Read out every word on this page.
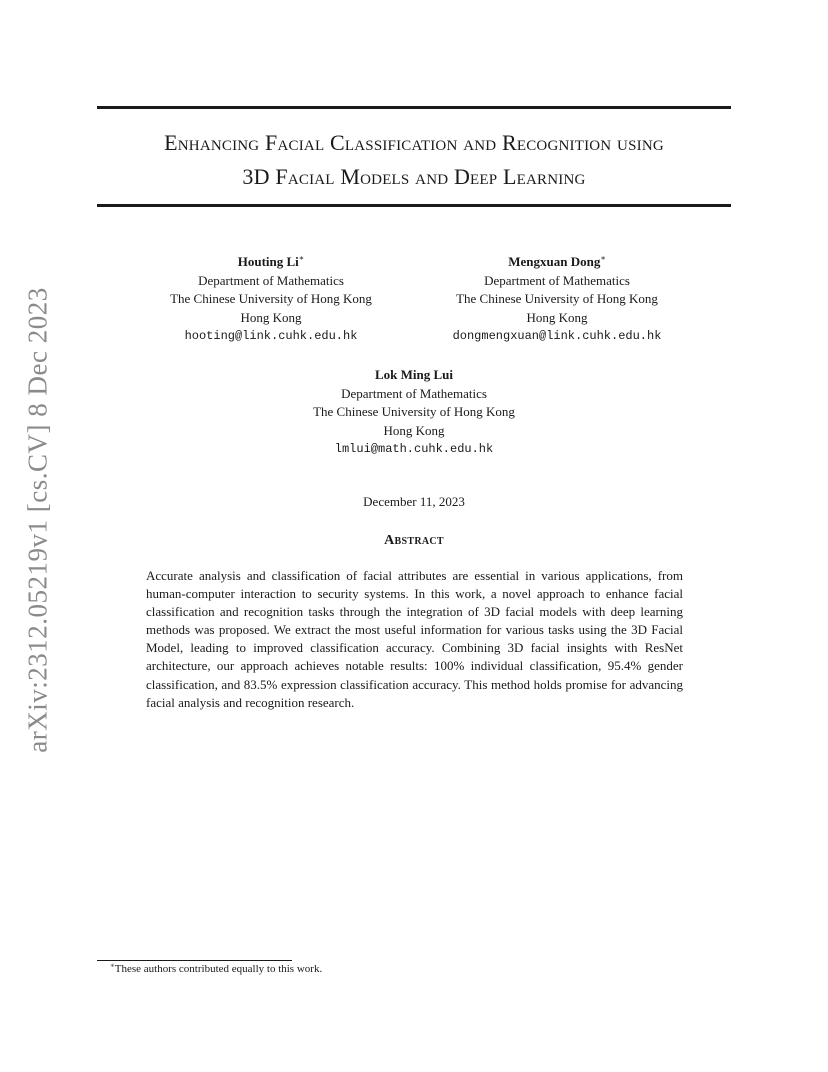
arXiv:2312.05219v1 [cs.CV] 8 Dec 2023
Enhancing Facial Classification and Recognition using
3D Facial Models and Deep Learning
Houting Li∗
Department of Mathematics
The Chinese University of Hong Kong
Hong Kong
hooting@link.cuhk.edu.hk
Mengxuan Dong∗
Department of Mathematics
The Chinese University of Hong Kong
Hong Kong
dongmengxuan@link.cuhk.edu.hk
Lok Ming Lui
Department of Mathematics
The Chinese University of Hong Kong
Hong Kong
lmlui@math.cuhk.edu.hk
December 11, 2023
Abstract
Accurate analysis and classification of facial attributes are essential in various applications, from human-computer interaction to security systems. In this work, a novel approach to enhance facial classification and recognition tasks through the integration of 3D facial models with deep learning methods was proposed. We extract the most useful information for various tasks using the 3D Facial Model, leading to improved classification accuracy. Combining 3D facial insights with ResNet architecture, our approach achieves notable results: 100% individual classification, 95.4% gender classification, and 83.5% expression classification accuracy. This method holds promise for advancing facial analysis and recognition research.
∗These authors contributed equally to this work.
